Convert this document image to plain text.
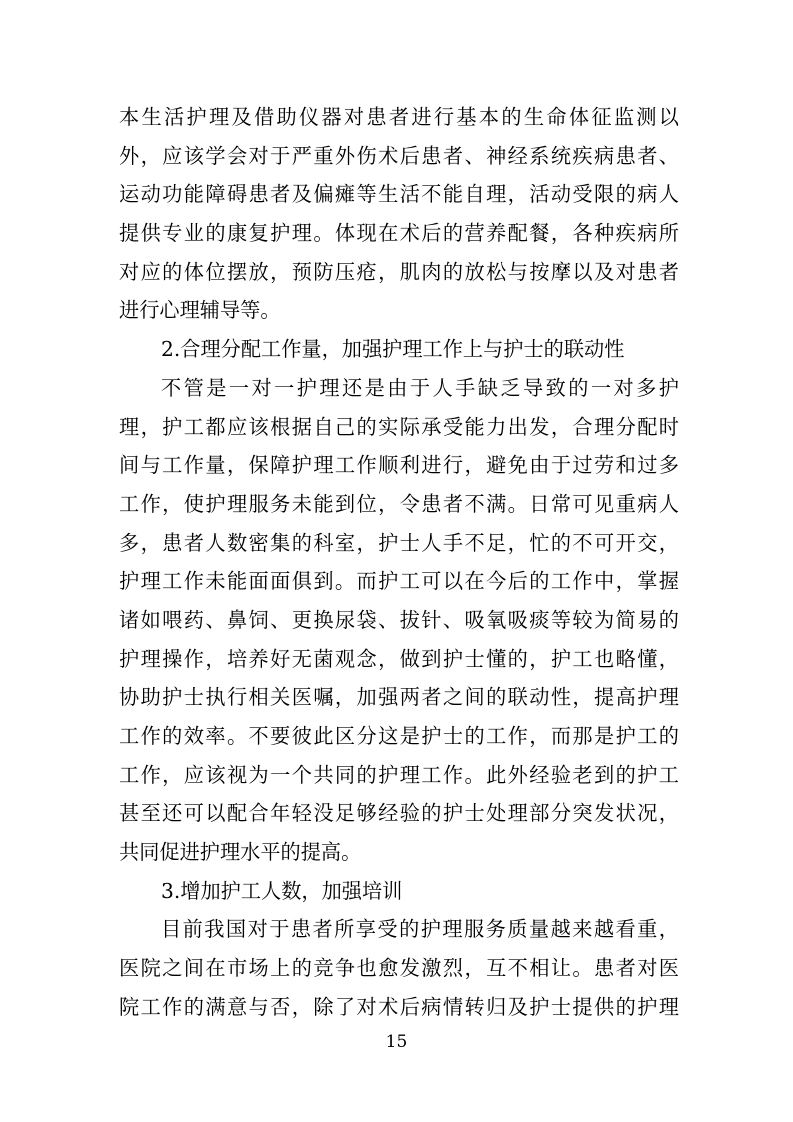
本生活护理及借助仪器对患者进行基本的生命体征监测以
外，应该学会对于严重外伤术后患者、神经系统疾病患者、
运动功能障碍患者及偏瘫等生活不能自理，活动受限的病人
提供专业的康复护理。体现在术后的营养配餐，各种疾病所
对应的体位摆放，预防压疮，肌肉的放松与按摩以及对患者
进行心理辅导等。
2.合理分配工作量，加强护理工作上与护士的联动性
不管是一对一护理还是由于人手缺乏导致的一对多护
理，护工都应该根据自己的实际承受能力出发，合理分配时
间与工作量，保障护理工作顺利进行，避免由于过劳和过多
工作，使护理服务未能到位，令患者不满。日常可见重病人
多，患者人数密集的科室，护士人手不足，忙的不可开交，
护理工作未能面面俱到。而护工可以在今后的工作中，掌握
诸如喂药、鼻饲、更换尿袋、拔针、吸氧吸痰等较为简易的
护理操作，培养好无菌观念，做到护士懂的，护工也略懂，
协助护士执行相关医嘱，加强两者之间的联动性，提高护理
工作的效率。不要彼此区分这是护士的工作，而那是护工的
工作，应该视为一个共同的护理工作。此外经验老到的护工
甚至还可以配合年轻没足够经验的护士处理部分突发状况，
共同促进护理水平的提高。
3.增加护工人数，加强培训
目前我国对于患者所享受的护理服务质量越来越看重，
医院之间在市场上的竞争也愈发激烈，互不相让。患者对医
院工作的满意与否，除了对术后病情转归及护士提供的护理
15
